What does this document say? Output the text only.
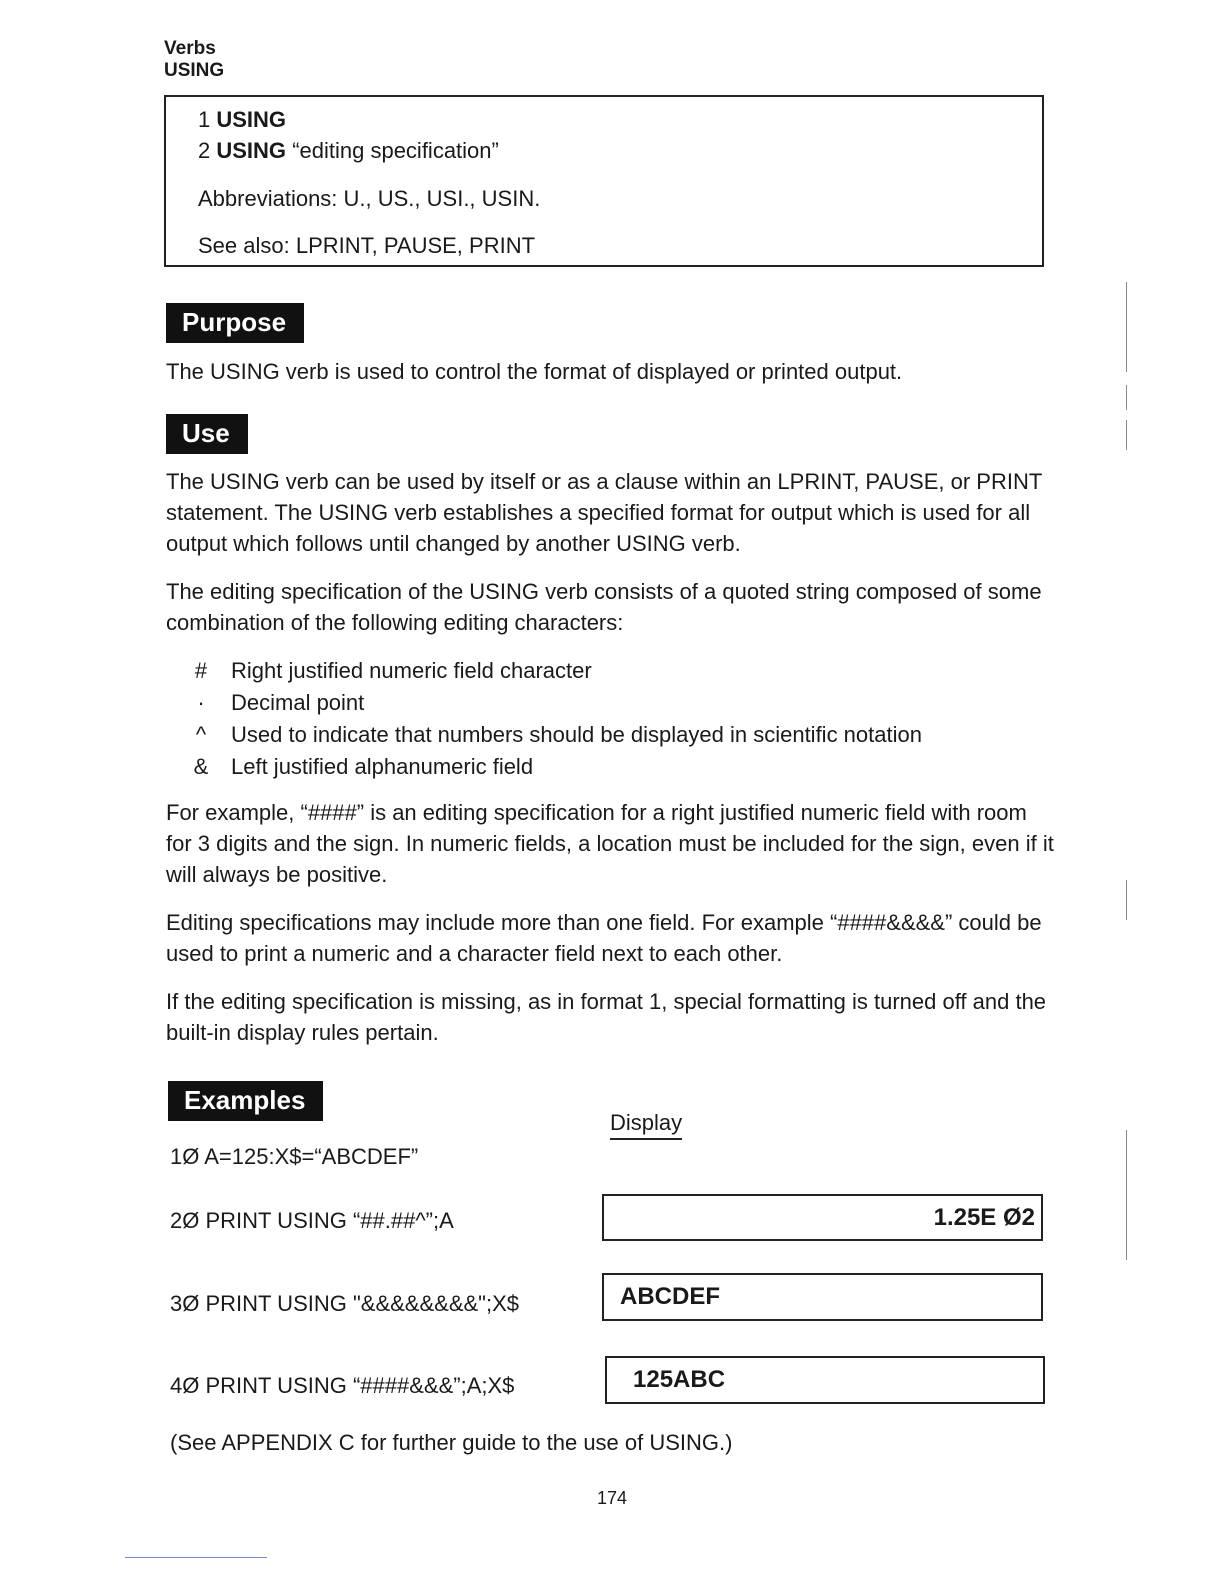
Verbs
USING
1 USING
2 USING “editing specification”
Abbreviations: U., US., USI., USIN.
See also: LPRINT, PAUSE, PRINT
Purpose

The USING verb is used to control the format of displayed or printed output.

Use

The USING verb can be used by itself or as a clause within an LPRINT, PAUSE, or PRINT statement. The USING verb establishes a specified format for output which is used for all output which follows until changed by another USING verb.

The editing specification of the USING verb consists of a quoted string composed of some combination of the following editing characters:

#	Right justified numeric field character
·	Decimal point
^	Used to indicate that numbers should be displayed in scientific notation
&	Left justified alphanumeric field

For example, “####” is an editing specification for a right justified numeric field with room for 3 digits and the sign. In numeric fields, a location must be included for the sign, even if it will always be positive.

Editing specifications may include more than one field. For example “####&&&&” could be used to print a numeric and a character field next to each other.

If the editing specification is missing, as in format 1, special formatting is turned off and the built-in display rules pertain.

Examples
Display
1Ø A=125:X$=“ABCDEF”
2Ø PRINT USING “##.##^”;A	1.25E Ø2
3Ø PRINT USING "&&&&&&&&";X$	ABCDEF
4Ø PRINT USING “####&&&”;A;X$	125ABC
(See APPENDIX C for further guide to the use of USING.)
174
